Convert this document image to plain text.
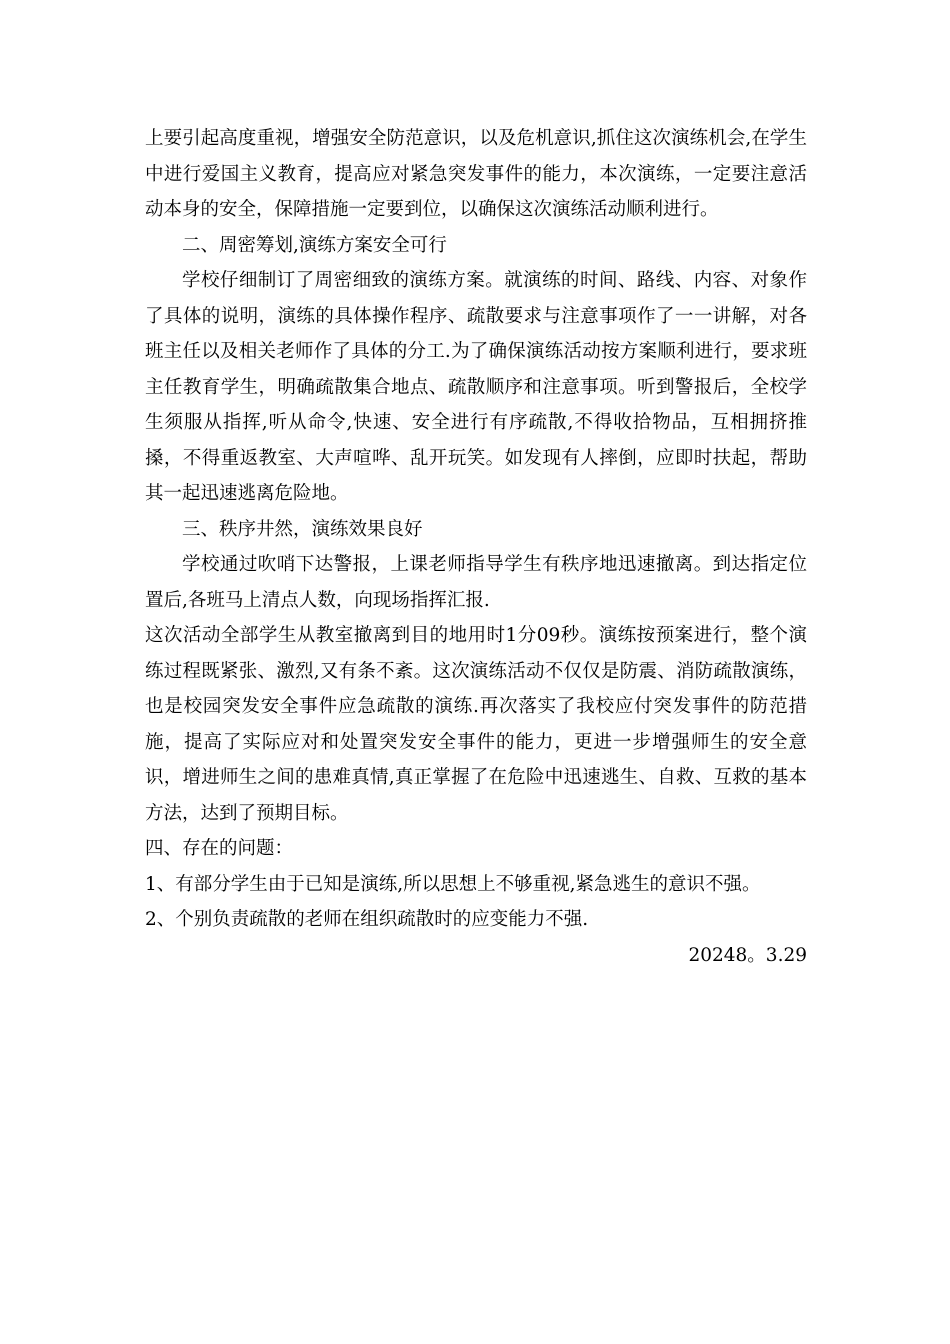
上要引起高度重视，增强安全防范意识，以及危机意识,抓住这次演练机会,在学生中进行爱国主义教育，提高应对紧急突发事件的能力，本次演练，一定要注意活动本身的安全，保障措施一定要到位，以确保这次演练活动顺利进行。

二、周密筹划,演练方案安全可行

学校仔细制订了周密细致的演练方案。就演练的时间、路线、内容、对象作了具体的说明，演练的具体操作程序、疏散要求与注意事项作了一一讲解，对各班主任以及相关老师作了具体的分工.为了确保演练活动按方案顺利进行，要求班主任教育学生，明确疏散集合地点、疏散顺序和注意事项。听到警报后，全校学生须服从指挥,听从命令,快速、安全进行有序疏散,不得收拾物品，互相拥挤推搡，不得重返教室、大声喧哗、乱开玩笑。如发现有人摔倒，应即时扶起，帮助其一起迅速逃离危险地。

三、秩序井然，演练效果良好

学校通过吹哨下达警报，上课老师指导学生有秩序地迅速撤离。到达指定位置后,各班马上清点人数，向现场指挥汇报.

这次活动全部学生从教室撤离到目的地用时1分09秒。演练按预案进行，整个演练过程既紧张、激烈,又有条不紊。这次演练活动不仅仅是防震、消防疏散演练，也是校园突发安全事件应急疏散的演练.再次落实了我校应付突发事件的防范措施，提高了实际应对和处置突发安全事件的能力，更进一步增强师生的安全意识，增进师生之间的患难真情,真正掌握了在危险中迅速逃生、自救、互救的基本方法，达到了预期目标。

四、存在的问题：

1、有部分学生由于已知是演练,所以思想上不够重视,紧急逃生的意识不强。

2、个别负责疏散的老师在组织疏散时的应变能力不强.

20248。3.29
